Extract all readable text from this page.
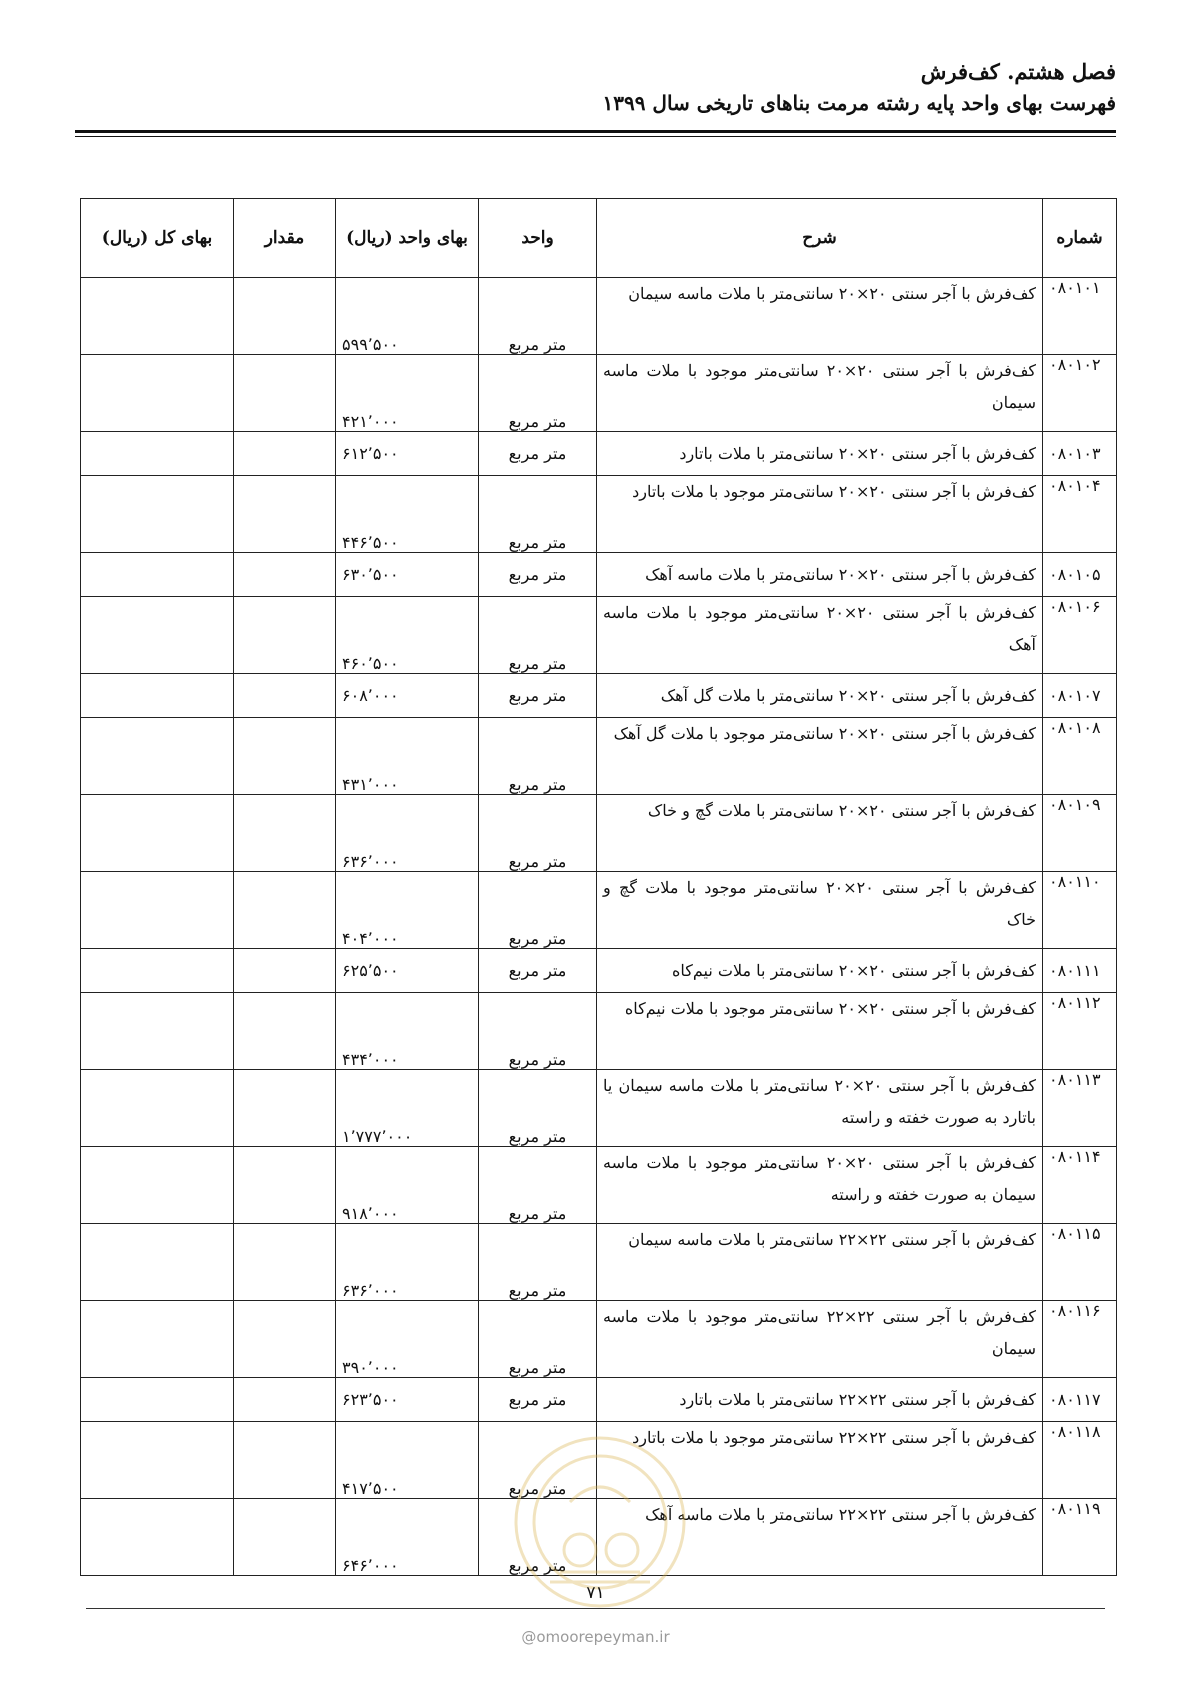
فصل هشتم. کف‌فرش
فهرست بهای واحد پایه رشته مرمت بناهای تاریخی سال ۱۳۹۹
شماره	شرح	واحد	بهای واحد (ریال)	مقدار	بهای کل (ریال)
۰۸۰۱۰۱	کف‌فرش با آجر سنتی ۲۰×۲۰ سانتی‌متر با ملات ماسه سیمان	متر مربع	۵۹۹٬۵۰۰		
۰۸۰۱۰۲	کف‌فرش با آجر سنتی ۲۰×۲۰ سانتی‌متر موجود با ملات ماسه سیمان	متر مربع	۴۲۱٬۰۰۰		
۰۸۰۱۰۳	کف‌فرش با آجر سنتی ۲۰×۲۰ سانتی‌متر با ملات باتارد	متر مربع	۶۱۲٬۵۰۰		
۰۸۰۱۰۴	کف‌فرش با آجر سنتی ۲۰×۲۰ سانتی‌متر موجود با ملات باتارد	متر مربع	۴۴۶٬۵۰۰		
۰۸۰۱۰۵	کف‌فرش با آجر سنتی ۲۰×۲۰ سانتی‌متر با ملات ماسه آهک	متر مربع	۶۳۰٬۵۰۰		
۰۸۰۱۰۶	کف‌فرش با آجر سنتی ۲۰×۲۰ سانتی‌متر موجود با ملات ماسه آهک	متر مربع	۴۶۰٬۵۰۰		
۰۸۰۱۰۷	کف‌فرش با آجر سنتی ۲۰×۲۰ سانتی‌متر با ملات گل آهک	متر مربع	۶۰۸٬۰۰۰		
۰۸۰۱۰۸	کف‌فرش با آجر سنتی ۲۰×۲۰ سانتی‌متر موجود با ملات گل آهک	متر مربع	۴۳۱٬۰۰۰		
۰۸۰۱۰۹	کف‌فرش با آجر سنتی ۲۰×۲۰ سانتی‌متر با ملات گچ و خاک	متر مربع	۶۳۶٬۰۰۰		
۰۸۰۱۱۰	کف‌فرش با آجر سنتی ۲۰×۲۰ سانتی‌متر موجود با ملات گچ و خاک	متر مربع	۴۰۴٬۰۰۰		
۰۸۰۱۱۱	کف‌فرش با آجر سنتی ۲۰×۲۰ سانتی‌متر با ملات نیم‌کاه	متر مربع	۶۲۵٬۵۰۰		
۰۸۰۱۱۲	کف‌فرش با آجر سنتی ۲۰×۲۰ سانتی‌متر موجود با ملات نیم‌کاه	متر مربع	۴۳۴٬۰۰۰		
۰۸۰۱۱۳	کف‌فرش با آجر سنتی ۲۰×۲۰ سانتی‌متر با ملات ماسه سیمان یا باتارد به صورت خفته و راسته	متر مربع	۱٬۷۷۷٬۰۰۰		
۰۸۰۱۱۴	کف‌فرش با آجر سنتی ۲۰×۲۰ سانتی‌متر موجود با ملات ماسه سیمان به صورت خفته و راسته	متر مربع	۹۱۸٬۰۰۰		
۰۸۰۱۱۵	کف‌فرش با آجر سنتی ۲۲×۲۲ سانتی‌متر با ملات ماسه سیمان	متر مربع	۶۳۶٬۰۰۰		
۰۸۰۱۱۶	کف‌فرش با آجر سنتی ۲۲×۲۲ سانتی‌متر موجود با ملات ماسه سیمان	متر مربع	۳۹۰٬۰۰۰		
۰۸۰۱۱۷	کف‌فرش با آجر سنتی ۲۲×۲۲ سانتی‌متر با ملات باتارد	متر مربع	۶۲۳٬۵۰۰		
۰۸۰۱۱۸	کف‌فرش با آجر سنتی ۲۲×۲۲ سانتی‌متر موجود با ملات باتارد	متر مربع	۴۱۷٬۵۰۰		
۰۸۰۱۱۹	کف‌فرش با آجر سنتی ۲۲×۲۲ سانتی‌متر با ملات ماسه آهک	متر مربع	۶۴۶٬۰۰۰		
۷۱
@omoorepeyman.ir
